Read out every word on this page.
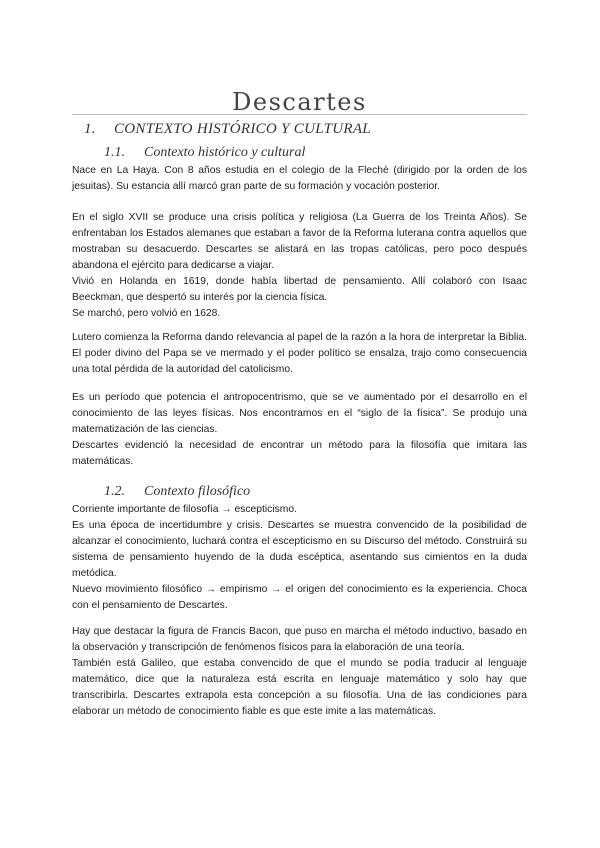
Descartes
1. CONTEXTO HISTÓRICO Y CULTURAL
1.1. Contexto histórico y cultural

Nace en La Haya. Con 8 años estudia en el colegio de la Flechè (dirigido por la orden de los jesuitas). Su estancia allí marcó gran parte de su formación y vocación posterior.

En el siglo XVII se produce una crisis política y religiosa (La Guerra de los Treinta Años). Se enfrentaban los Estados alemanes que estaban a favor de la Reforma luterana contra aquellos que mostraban su desacuerdo. Descartes se alistará en las tropas católicas, pero poco después abandona el ejército para dedicarse a viajar.
Vivió en Holanda en 1619, donde había libertad de pensamiento. Allí colaboró con Isaac Beeckman, que despertó su interés por la ciencia física.
Se marchó, pero volvió en 1628.

Lutero comienza la Reforma dando relevancia al papel de la razón a la hora de interpretar la Biblia. El poder divino del Papa se ve mermado y el poder político se ensalza, trajo como consecuencia una total pérdida de la autoridad del catolicismo.

Es un período que potencia el antropocentrismo, que se ve aumentado por el desarrollo en el conocimiento de las leyes físicas. Nos encontramos en el “siglo de la física”. Se produjo una matematización de las ciencias.
Descartes evidenció la necesidad de encontrar un método para la filosofía que imitara las matemáticas.

1.2. Contexto filosófico

Corriente importante de filosofía → escepticismo.
Es una época de incertidumbre y crisis. Descartes se muestra convencido de la posibilidad de alcanzar el conocimiento, luchará contra el escepticismo en su Discurso del método. Construirá su sistema de pensamiento huyendo de la duda escéptica, asentando sus cimientos en la duda metódica.
Nuevo movimiento filosófico → empirismo → el origen del conocimiento es la experiencia. Choca con el pensamiento de Descartes.

Hay que destacar la figura de Francis Bacon, que puso en marcha el método inductivo, basado en la observación y transcripción de fenómenos físicos para la elaboración de una teoría.
También está Galileo, que estaba convencido de que el mundo se podía traducir al lenguaje matemático, dice que la naturaleza está escrita en lenguaje matemático y solo hay que transcribirla. Descartes extrapola esta concepción a su filosofía. Una de las condiciones para elaborar un método de conocimiento fiable es que este imite a las matemáticas.
